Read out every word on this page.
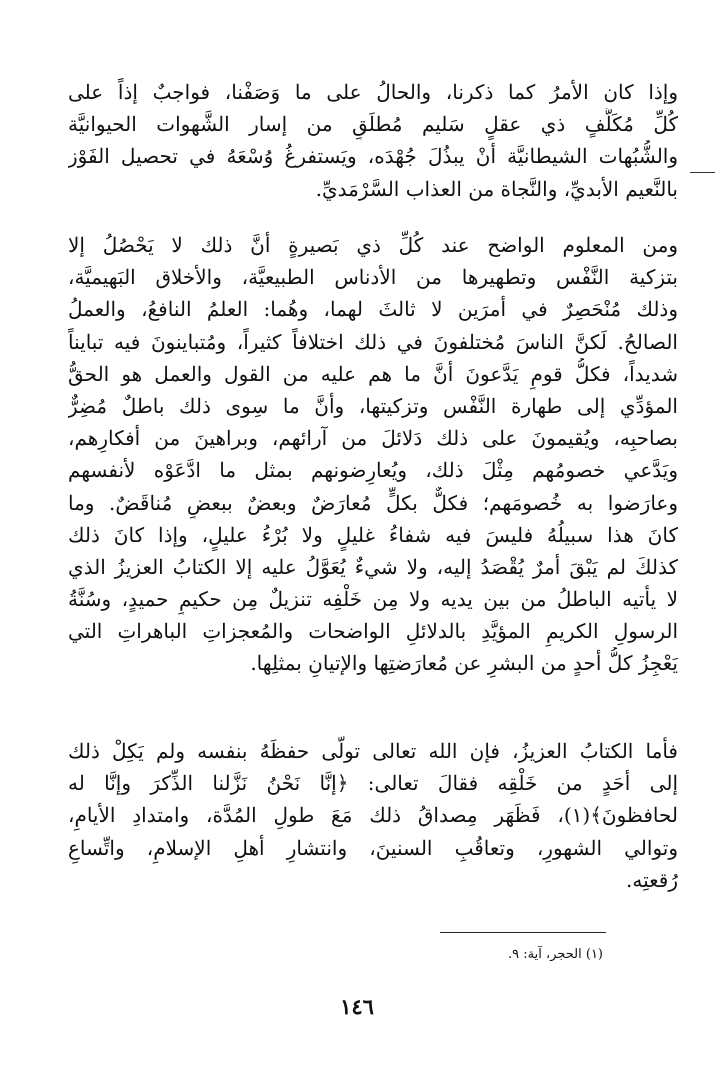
وإذا كان الأمرُ كما ذكرنا، والحالُ على ما وَصَفْنا، فواجبٌ إذاً على
كُلِّ مُكَلَّفٍ ذي عقلٍ سَليم مُطلَقٍ من إسار الشَّهوات الحيوانيَّة
والشُّبُهات الشيطانيَّة أنْ يبذُلَ جُهْدَه، ويَستفرغُ وُسْعَهُ في تحصيل الفَوْز
بالنَّعيم الأبديِّ، والنَّجاة من العذاب السَّرْمَديِّ.
ومن المعلوم الواضح عند كُلِّ ذي بَصيرةٍ أنَّ ذلك لا يَحْصُلُ إلا
بتزكية النَّفْس وتطهيرها من الأدناس الطبيعيَّة، والأخلاق البَهيميَّة،
وذلك مُنْحَصِرٌ في أمرَين لا ثالثَ لهما، وهُما: العلمُ النافعُ، والعملُ
الصالحُ. لَكنَّ الناسَ مُختلفونَ في ذلك اختلافاً كثيراً، ومُتباينونَ فيه تبايناً
شديداً، فكلُّ قومٍ يَدَّعونَ أنَّ ما هم عليه من القول والعمل هو الحقُّ
المؤدِّي إلى طهارة النَّفْس وتزكيتها، وأنَّ ما سِوى ذلك باطلٌ مُضِرٌّ
بصاحبِه، ويُقيمونَ على ذلك دَلائلَ من آرائهم، وبراهينَ من أفكارِهم،
ويَدَّعي خصومُهم مِثْلَ ذلك، ويُعارِضونهم بمثل ما ادَّعَوْه لأنفسهم
وعارَضوا به خُصومَهم؛ فكلٌّ بكلٍّ مُعارَضٌ وبعضٌ ببعضٍ مُناقَضٌ. وما
كانَ هذا سبيلُهُ فليسَ فيه شفاءُ غليلٍ ولا بُرْءُ عليلٍ، وإذا كانَ ذلك
كذلكَ لم يَبْقَ أمرٌ يُقْصَدُ إليه، ولا شيءٌ يُعَوَّلُ عليه إلا الكتابُ العزيزُ الذي
لا يأتيه الباطلُ من بين يديه ولا مِن خَلْفِه تنزيلٌ مِن حكيمٍ حميدٍ، وسُنَّةُ
الرسولِ الكريمِ المؤيَّدِ بالدلائلِ الواضحات والمُعجزاتِ الباهراتِ التي
يَعْجِزُ كلُّ أحدٍ من البشرِ عن مُعارَضتِها والإتيانِ بمثلِها.
فأما الكتابُ العزيزُ، فإن الله تعالى تولّى حفظَهُ بنفسه ولم يَكِلْ ذلك
إلى أحَدٍ من خَلْقِه فقالَ تعالى: ﴿إنَّا نَحْنُ نَزَّلنا الذِّكرَ وإنَّا له
لحافظونَ﴾(١)، فَظَهَر مِصداقُ ذلك مَعَ طولِ المُدَّة، وامتدادِ الأيامِ،
وتوالي الشهورِ، وتعاقُبِ السنينَ، وانتشارِ أهلِ الإسلامِ، واتِّساعِ
رُقعتِه.
(١) الحجر، آية: ٩.
١٤٦
